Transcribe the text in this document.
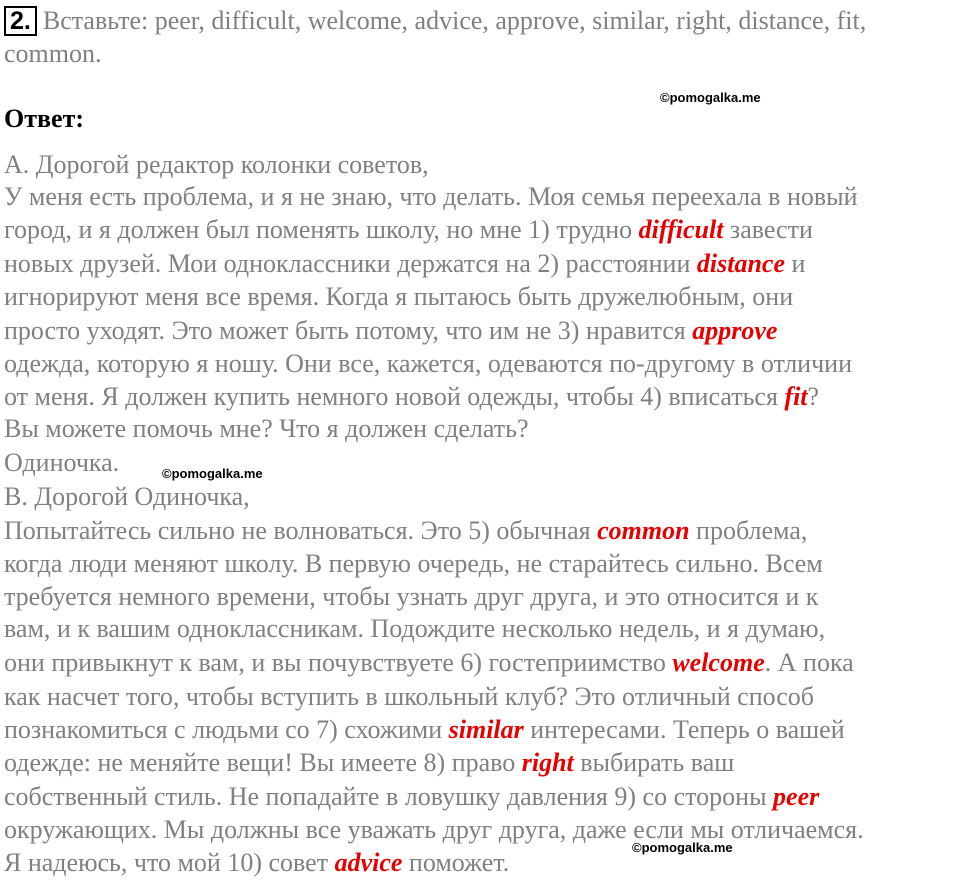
2. Вставьте: peer, difficult, welcome, advice, approve, similar, right, distance, fit, common.
Ответ:
©pomogalka.me
©pomogalka.me
©pomogalka.me
А. Дорогой редактор колонки советов,
У меня есть проблема, и я не знаю, что делать. Моя семья переехала в новый
город, и я должен был поменять школу, но мне 1) трудно difficult завести
новых друзей. Мои одноклассники держатся на 2) расстоянии distance и
игнорируют меня все время. Когда я пытаюсь быть дружелюбным, они
просто уходят. Это может быть потому, что им не 3) нравится approve
одежда, которую я ношу. Они все, кажется, одеваются по-другому в отличии
от меня. Я должен купить немного новой одежды, чтобы 4) вписаться fit?
Вы можете помочь мне? Что я должен сделать?
Одиночка.
В. Дорогой Одиночка,
Попытайтесь сильно не волноваться. Это 5) обычная common проблема,
когда люди меняют школу. В первую очередь, не старайтесь сильно. Всем
требуется немного времени, чтобы узнать друг друга, и это относится и к
вам, и к вашим одноклассникам. Подождите несколько недель, и я думаю,
они привыкнут к вам, и вы почувствуете 6) гостеприимство welcome. А пока
как насчет того, чтобы вступить в школьный клуб? Это отличный способ
познакомиться с людьми со 7) схожими similar интересами. Теперь о вашей
одежде: не меняйте вещи! Вы имеете 8) право right выбирать ваш
собственный стиль. Не попадайте в ловушку давления 9) со стороны peer
окружающих. Мы должны все уважать друг друга, даже если мы отличаемся.
Я надеюсь, что мой 10) совет advice поможет.
